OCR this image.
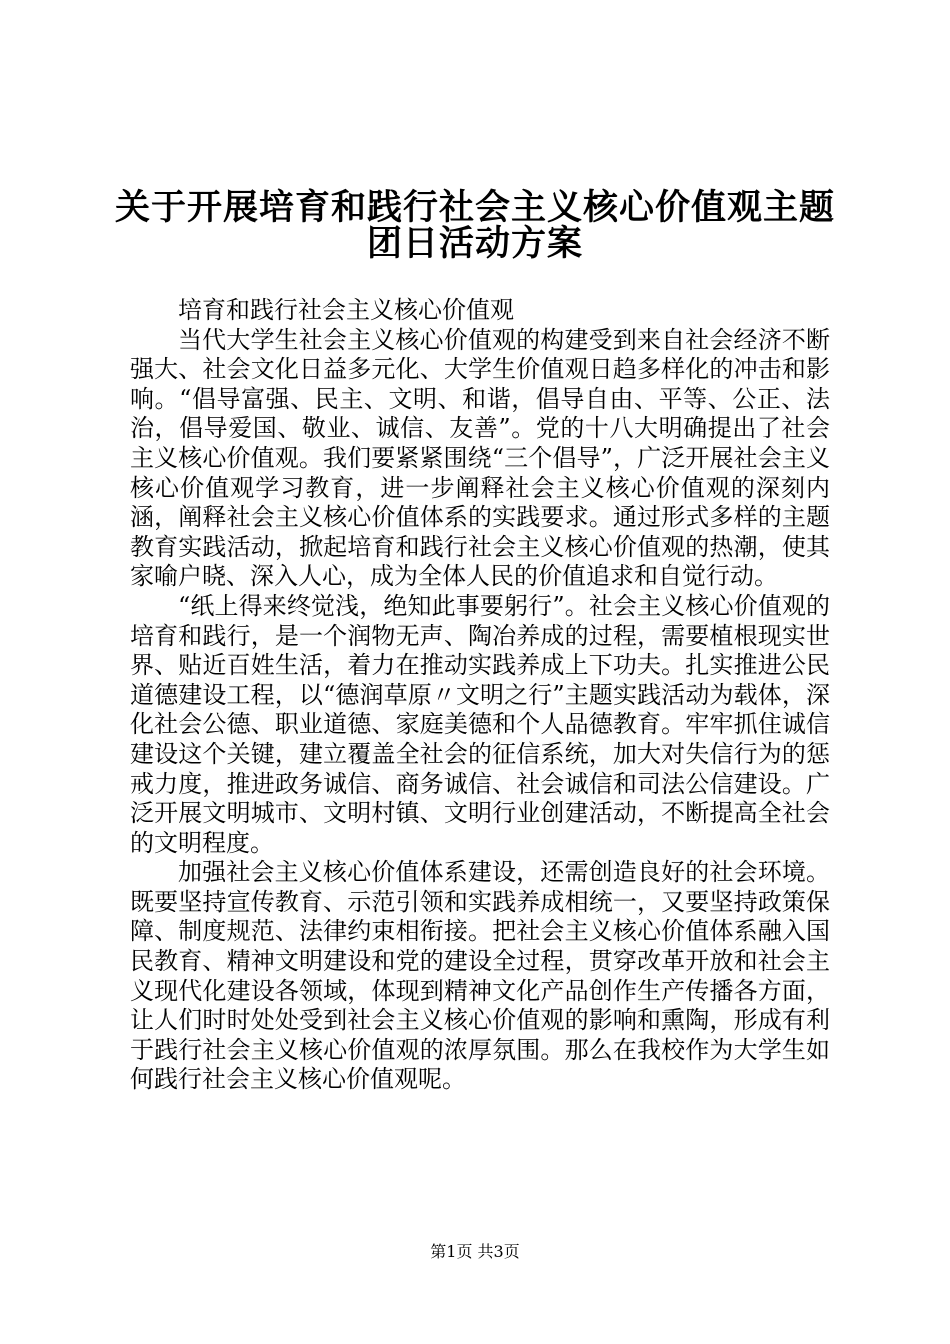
关于开展培育和践行社会主义核心价值观主题
团日活动方案

培育和践行社会主义核心价值观

当代大学生社会主义核心价值观的构建受到来自社会经济不断强大、社会文化日益多元化、大学生价值观日趋多样化的冲击和影响。“倡导富强、民主、文明、和谐，倡导自由、平等、公正、法治，倡导爱国、敬业、诚信、友善”。党的十八大明确提出了社会主义核心价值观。我们要紧紧围绕“三个倡导”，广泛开展社会主义核心价值观学习教育，进一步阐释社会主义核心价值观的深刻内涵，阐释社会主义核心价值体系的实践要求。通过形式多样的主题教育实践活动，掀起培育和践行社会主义核心价值观的热潮，使其家喻户晓、深入人心，成为全体人民的价值追求和自觉行动。

“纸上得来终觉浅，绝知此事要躬行”。社会主义核心价值观的培育和践行，是一个润物无声、陶冶养成的过程，需要植根现实世界、贴近百姓生活，着力在推动实践养成上下功夫。扎实推进公民道德建设工程，以“德润草原〃文明之行”主题实践活动为载体，深化社会公德、职业道德、家庭美德和个人品德教育。牢牢抓住诚信建设这个关键，建立覆盖全社会的征信系统，加大对失信行为的惩戒力度，推进政务诚信、商务诚信、社会诚信和司法公信建设。广泛开展文明城市、文明村镇、文明行业创建活动，不断提高全社会的文明程度。

加强社会主义核心价值体系建设，还需创造良好的社会环境。既要坚持宣传教育、示范引领和实践养成相统一，又要坚持政策保障、制度规范、法律约束相衔接。把社会主义核心价值体系融入国民教育、精神文明建设和党的建设全过程，贯穿改革开放和社会主义现代化建设各领域，体现到精神文化产品创作生产传播各方面，让人们时时处处受到社会主义核心价值观的影响和熏陶，形成有利于践行社会主义核心价值观的浓厚氛围。那么在我校作为大学生如何践行社会主义核心价值观呢。

第1页 共3页
